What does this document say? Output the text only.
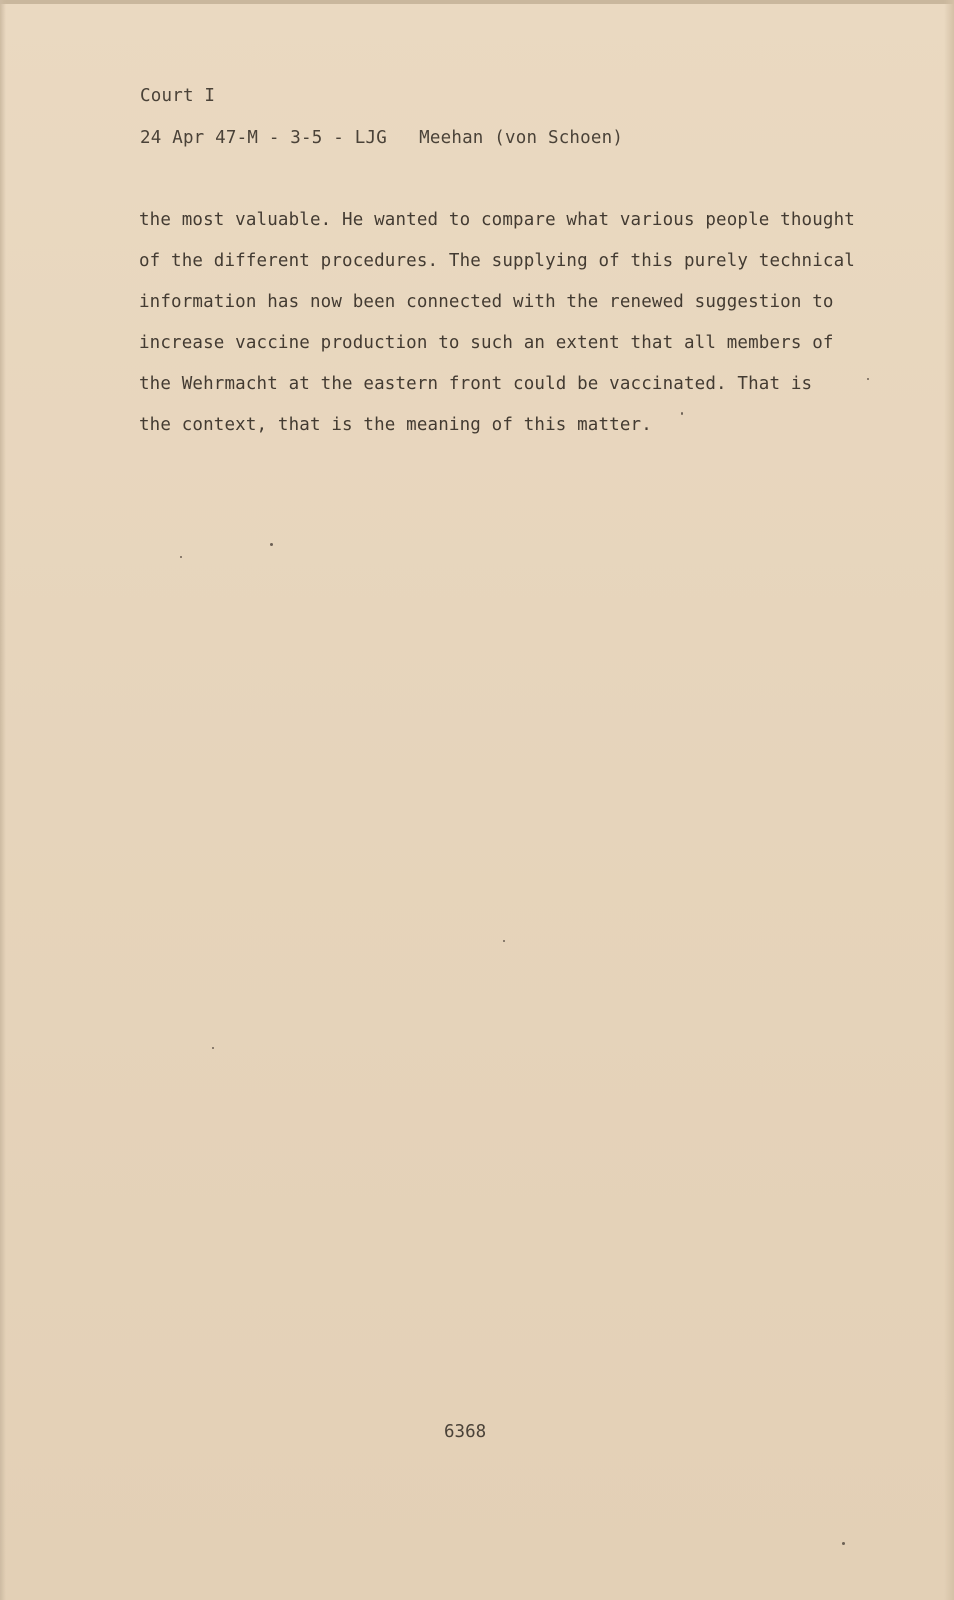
Court I
24 Apr 47-M - 3-5 - LJG   Meehan (von Schoen)
the most valuable. He wanted to compare what various people thought
of the different procedures. The supplying of this purely technical
information has now been connected with the renewed suggestion to
increase vaccine production to such an extent that all members of
the Wehrmacht at the eastern front could be vaccinated. That is
the context, that is the meaning of this matter.
6368
